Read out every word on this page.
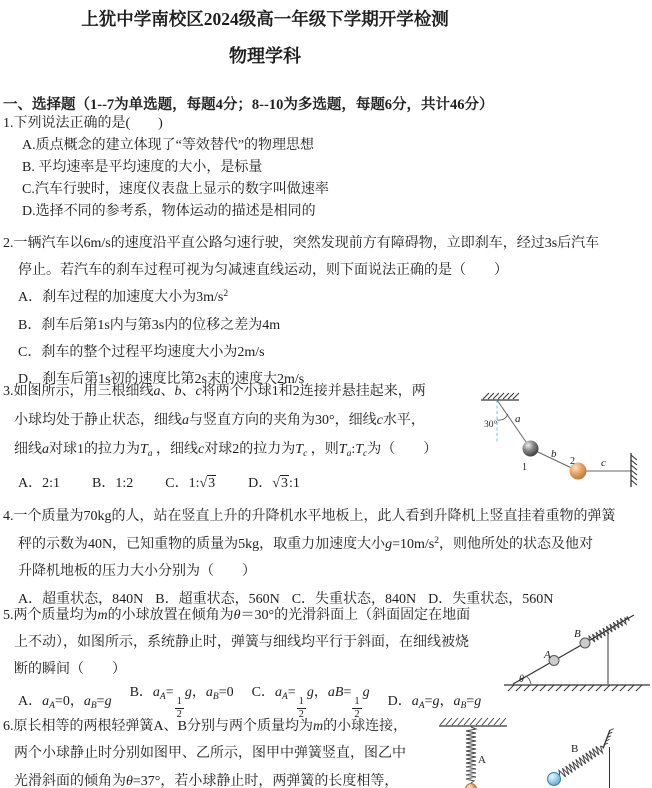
上犹中学南校区2024级高一年级下学期开学检测
物理学科
一、选择题（1--7为单选题，每题4分；8--10为多选题，每题6分，共计46分）
1.下列说法正确的是(　　)
A.质点概念的建立体现了“等效替代”的物理思想
B. 平均速率是平均速度的大小，是标量
C.汽车行驶时，速度仪表盘上显示的数字叫做速率
D.选择不同的参考系，物体运动的描述是相同的
2.一辆汽车以6m/s的速度沿平直公路匀速行驶，突然发现前方有障碍物，立即刹车，经过3s后汽车
停止。若汽车的刹车过程可视为匀减速直线运动，则下面说法正确的是（　　）
A．刹车过程的加速度大小为$3m/s^2$
B．刹车后第1s内与第3s内的位移之差为4m
C．刹车的整个过程平均速度大小为2m/s
D．刹车后第1s初的速度比第2s末的速度大2m/s
3.如图所示，用三根细线a、b、c将两个小球1和2连接并悬挂起来，两
小球均处于静止状态，细线a与竖直方向的夹角为30°，细线c水平，
细线a对球1的拉力为$T_a$ ，细线c对球2的拉力为$T_c$ ，则$T_a:T_c$为（　　）
A．2:1 B．1:2 C．1:√3 D．√3:1
30° a
b
c
1
2
4.一个质量为70kg的人，站在竖直上升的升降机水平地板上，此人看到升降机上竖直挂着重物的弹簧
秤的示数为40N，已知重物的质量为5kg，取重力加速度大小$g=10m/s^2$，则他所处的状态及他对
升降机地板的压力大小分别为（　　）
A．超重状态，840N B．超重状态，560N C．失重状态，840N D．失重状态，560N
5.两个质量均为m的小球放置在倾角为θ＝30°的光滑斜面上（斜面固定在地面
上不动），如图所示，系统静止时，弹簧与细线均平行于斜面，在细线被烧
断的瞬间（　　）
A．$a_A=0$，$a_B=g$
B．$a_A=$
$\frac{1}{2}$
g，$a_B=0$ C．$a_A=$
$\frac{1}{2}$
g，aB=
$\frac{1}{2}$
g
D．$a_A=g$，$a_B=g$
A
B
θ
6.原长相等的两根轻弹簧A、B分别与两个质量均为m的小球连接，
两个小球静止时分别如图甲、乙所示，图甲中弹簧竖直，图乙中
光滑斜面的倾角为θ=37°，若小球静止时，两弹簧的长度相等，
A
B
